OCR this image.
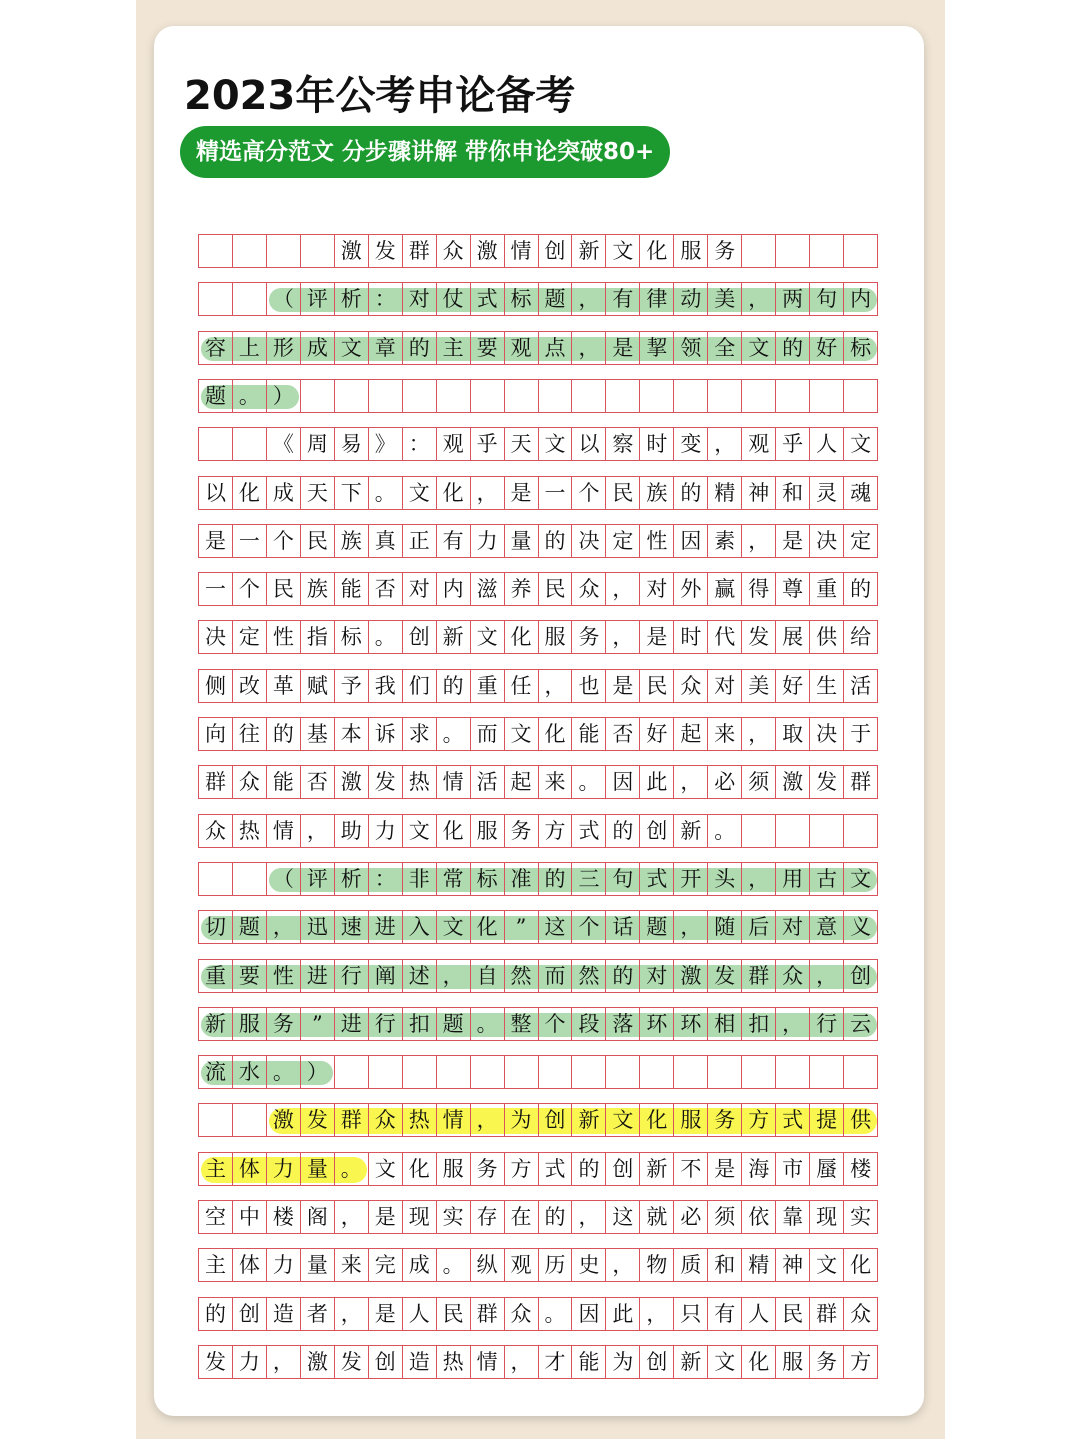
2023年公考申论备考
精选高分范文 分步骤讲解 带你申论突破80+
激 发 群 众 激 情 创 新 文 化 服 务
（ 评 析 ： 对 仗 式 标 题 ， 有 律 动 美 ， 两 句 内
容 上 形 成 文 章 的 主 要 观 点 ， 是 挈 领 全 文 的 好 标
题 。 ）
《 周 易 》 ： 观 乎 天 文 以 察 时 变 ， 观 乎 人 文
以 化 成 天 下 。 文 化 ， 是 一 个 民 族 的 精 神 和 灵 魂
是 一 个 民 族 真 正 有 力 量 的 决 定 性 因 素 ， 是 决 定
一 个 民 族 能 否 对 内 滋 养 民 众 ， 对 外 赢 得 尊 重 的
决 定 性 指 标 。 创 新 文 化 服 务 ， 是 时 代 发 展 供 给
侧 改 革 赋 予 我 们 的 重 任 ， 也 是 民 众 对 美 好 生 活
向 往 的 基 本 诉 求 。 而 文 化 能 否 好 起 来 ， 取 决 于
群 众 能 否 激 发 热 情 活 起 来 。 因 此 ， 必 须 激 发 群
众 热 情 ， 助 力 文 化 服 务 方 式 的 创 新 。
（ 评 析 ： 非 常 标 准 的 三 句 式 开 头 ， 用 古 文
切 题 ， 迅 速 进 入 文 化 ” 这 个 话 题 ， 随 后 对 意 义
重 要 性 进 行 阐 述 ， 自 然 而 然 的 对 激 发 群 众 ， 创
新 服 务 ” 进 行 扣 题 。 整 个 段 落 环 环 相 扣 ， 行 云
流 水 。 ）
激 发 群 众 热 情 ， 为 创 新 文 化 服 务 方 式 提 供
主 体 力 量 。 文 化 服 务 方 式 的 创 新 不 是 海 市 蜃 楼
空 中 楼 阁 ， 是 现 实 存 在 的 ， 这 就 必 须 依 靠 现 实
主 体 力 量 来 完 成 。 纵 观 历 史 ， 物 质 和 精 神 文 化
的 创 造 者 ， 是 人 民 群 众 。 因 此 ， 只 有 人 民 群 众
发 力 ， 激 发 创 造 热 情 ， 才 能 为 创 新 文 化 服 务 方
